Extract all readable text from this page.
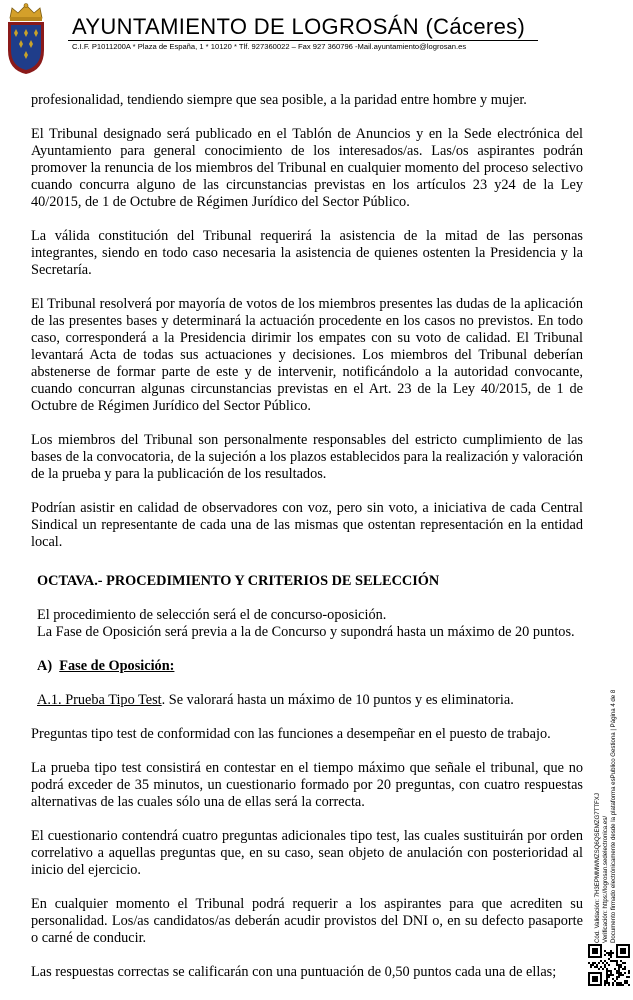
AYUNTAMIENTO DE LOGROSÁN (Cáceres)
C.I.F. P1011200A * Plaza de España, 1 * 10120 * Tlf. 927360022 – Fax 927 360796 -Mail.ayuntamiento@logrosan.es

profesionalidad, tendiendo siempre que sea posible, a la paridad entre hombre y mujer.

El Tribunal designado será publicado en el Tablón de Anuncios y en la Sede electrónica del Ayuntamiento para general conocimiento de los interesados/as. Las/os aspirantes podrán promover la renuncia de los miembros del Tribunal en cualquier momento del proceso selectivo cuando concurra alguno de las circunstancias previstas en los artículos 23 y24 de la Ley 40/2015, de 1 de Octubre de Régimen Jurídico del Sector Público.

La válida constitución del Tribunal requerirá la asistencia de la mitad de las personas integrantes, siendo en todo caso necesaria la asistencia de quienes ostenten la Presidencia y la Secretaría.

El Tribunal resolverá por mayoría de votos de los miembros presentes las dudas de la aplicación de las presentes bases y determinará la actuación procedente en los casos no previstos. En todo caso, corresponderá a la Presidencia dirimir los empates con su voto de calidad. El Tribunal levantará Acta de todas sus actuaciones y decisiones. Los miembros del Tribunal deberían abstenerse de formar parte de este y de intervenir, notificándolo a la autoridad convocante, cuando concurran algunas circunstancias previstas en el Art. 23 de la Ley 40/2015, de 1 de Octubre de Régimen Jurídico del Sector Público.

Los miembros del Tribunal son personalmente responsables del estricto cumplimiento de las bases de la convocatoria, de la sujeción a los plazos establecidos para la realización y valoración de la prueba y para la publicación de los resultados.

Podrían asistir en calidad de observadores con voz, pero sin voto, a iniciativa de cada Central Sindical un representante de cada una de las mismas que ostentan representación en la entidad local.

OCTAVA.- PROCEDIMIENTO Y CRITERIOS DE SELECCIÓN

El procedimiento de selección será el de concurso-oposición.
La Fase de Oposición será previa a la de Concurso y supondrá hasta un máximo de 20 puntos.

A) Fase de Oposición:

A.1. Prueba Tipo Test. Se valorará hasta un máximo de 10 puntos y es eliminatoria.

Preguntas tipo test de conformidad con las funciones a desempeñar en el puesto de trabajo.

La prueba tipo test consistirá en contestar en el tiempo máximo que señale el tribunal, que no podrá exceder de 35 minutos, un cuestionario formado por 20 preguntas, con cuatro respuestas alternativas de las cuales sólo una de ellas será la correcta.

El cuestionario contendrá cuatro preguntas adicionales tipo test, las cuales sustituirán por orden correlativo a aquellas preguntas que, en su caso, sean objeto de anulación con posterioridad al inicio del ejercicio.

En cualquier momento el Tribunal podrá requerir a los aspirantes para que acrediten su personalidad. Los/as candidatos/as deberán acudir provistos del DNI o, en su defecto pasaporte o carné de conducir.

Las respuestas correctas se calificarán con una puntuación de 0,50 puntos cada una de ellas;

Cód. Validación: 7H3EPMMWMZSQ6QSEMZG7TTFXJ Verificación: https://logrosan.sedelectronica.es/ Documento firmado electrónicamente desde la plataforma esPublico Gestiona | Página 4 de 8
